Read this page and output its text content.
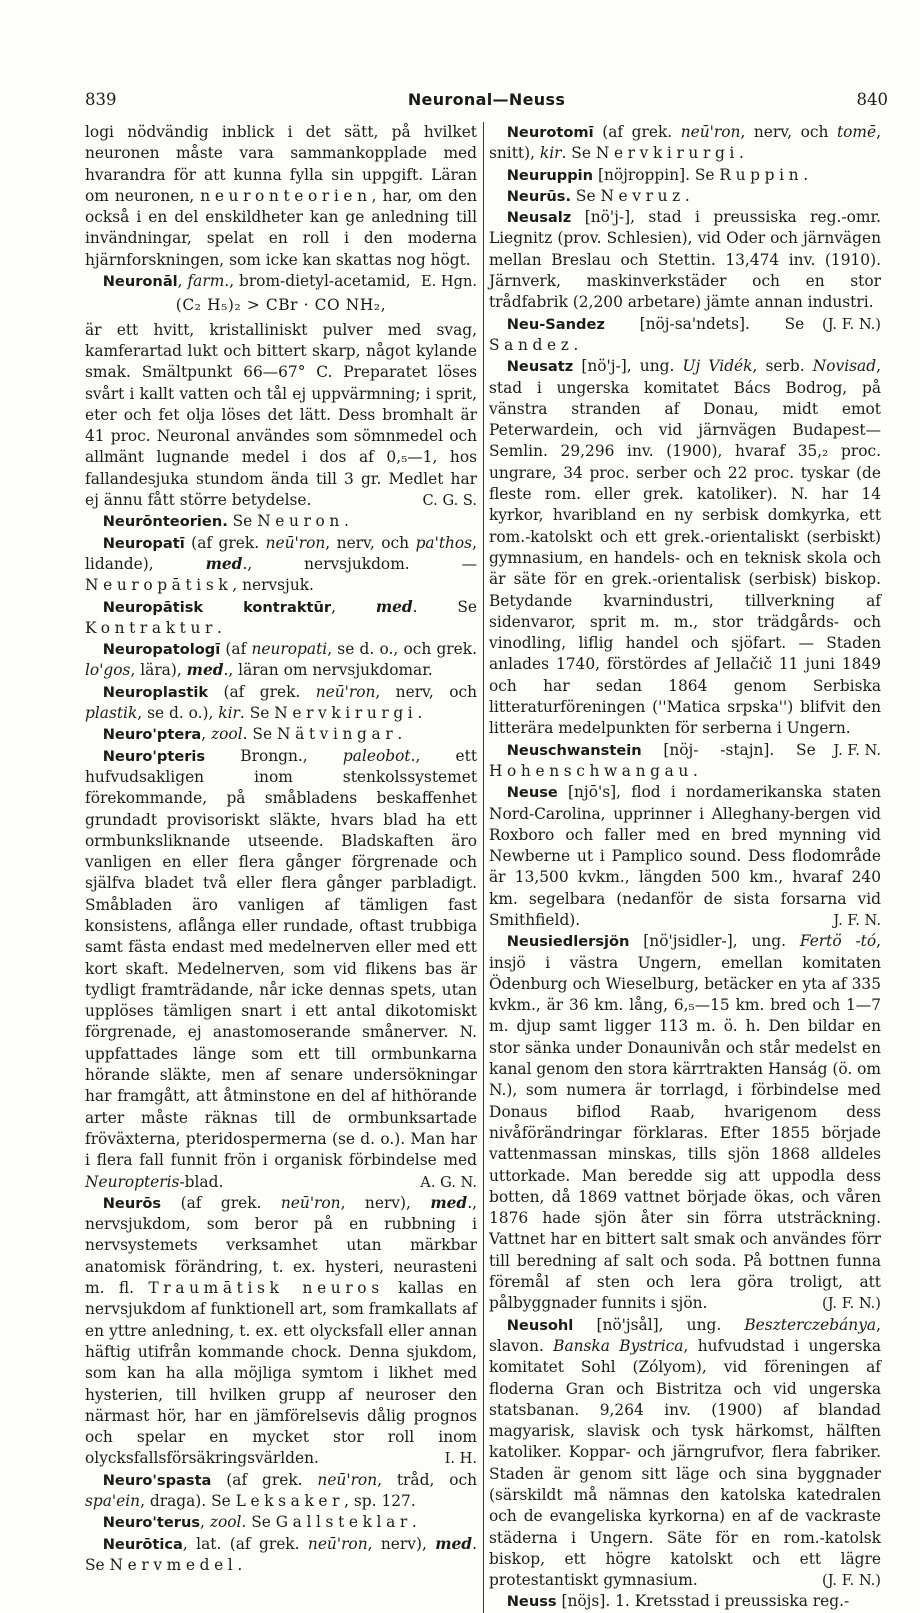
839	Neuronal—Neuss	840

logi nödvändig inblick i det sätt, på hvilket neuronen måste vara sammankopplade med hvarandra för att kunna fylla sin uppgift. Läran om neuronen, neuronteorien, har, om den också i en del enskildheter kan ge anledning till invändningar, spelat en roll i den moderna hjärnforskningen, som icke kan skattas nog högt.
E. Hgn.

Neuronāl, farm., brom-dietyl-acetamid,

(C₂ H₅)₂ > CBr · CO NH₂,

är ett hvitt, kristalliniskt pulver med svag, kamferartad lukt och bittert skarp, något kylande smak. Smältpunkt 66—67° C. Preparatet löses svårt i kallt vatten och tål ej uppvärmning; i sprit, eter och fet olja löses det lätt. Dess bromhalt är 41 proc. Neuronal användes som sömnmedel och allmänt lugnande medel i dos af 0,₅—1, hos fallandesjuka stundom ända till 3 gr. Medlet har ej ännu fått större betydelse.	C. G. S.

Neurōnteorien. Se Neuron.

Neuropatī (af grek. neū'ron, nerv, och pa'thos, lidande), med., nervsjukdom. — Neuropātisk, nervsjuk.

Neuropātisk kontraktūr, med. Se Kontraktur.

Neuropatologī (af neuropati, se d. o., och grek. lo'gos, lära), med., läran om nervsjukdomar.

Neuroplastik (af grek. neū'ron, nerv, och plastik, se d. o.), kir. Se Nervkirurgi.

Neuro'ptera, zool. Se Nätvingar.

Neuro'pteris Brongn., paleobot., ett hufvudsakligen inom stenkolssystemet förekommande, på småbladens beskaffenhet grundadt provisoriskt släkte, hvars blad ha ett ormbunksliknande utseende. Bladskaften äro vanligen en eller flera gånger förgrenade och själfva bladet två eller flera gånger parbladigt. Småbladen äro vanligen af tämligen fast konsistens, aflånga eller rundade, oftast trubbiga samt fästa endast med medelnerven eller med ett kort skaft. Medelnerven, som vid flikens bas är tydligt framträdande, når icke dennas spets, utan upplöses tämligen snart i ett antal dikotomiskt förgrenade, ej anastomoserande smånerver. N. uppfattades länge som ett till ormbunkarna hörande släkte, men af senare undersökningar har framgått, att åtminstone en del af hithörande arter måste räknas till de ormbunksartade fröväxterna, pteridospermerna (se d. o.). Man har i flera fall funnit frön i organisk förbindelse med Neuropteris-blad.	A. G. N.

Neurōs (af grek. neū'ron, nerv), med., nervsjukdom, som beror på en rubbning i nervsystemets verksamhet utan märkbar anatomisk förändring, t. ex. hysteri, neurasteni m. fl. Traumātisk neuros kallas en nervsjukdom af funktionell art, som framkallats af en yttre anledning, t. ex. ett olycksfall eller annan häftig utifrån kommande chock. Denna sjukdom, som kan ha alla möjliga symtom i likhet med hysterien, till hvilken grupp af neuroser den närmast hör, har en jämförelsevis dålig prognos och spelar en mycket stor roll inom olycksfallsförsäkringsvärlden.	I. H.

Neuro'spasta (af grek. neū'ron, tråd, och spa'ein, draga). Se Leksaker, sp. 127.

Neuro'terus, zool. Se Gallsteklar.

Neurōtica, lat. (af grek. neū'ron, nerv), med. Se Nervmedel.

Neurotomī (af grek. neū'ron, nerv, och tomē, snitt), kir. Se Nervkirurgi.

Neuruppin [nöjroppin]. Se Ruppin.

Neurūs. Se Nevruz.

Neusalz [nö'j-], stad i preussiska reg.-omr. Liegnitz (prov. Schlesien), vid Oder och järnvägen mellan Breslau och Stettin. 13,474 inv. (1910). Järnverk, maskinverkstäder och en stor trådfabrik (2,200 arbetare) jämte annan industri.
(J. F. N.)

Neu-Sandez [nöj-sa'ndets]. Se Sandez.

Neusatz [nö'j-], ung. Uj Vidék, serb. Novisad, stad i ungerska komitatet Bács Bodrog, på vänstra stranden af Donau, midt emot Peterwardein, och vid järnvägen Budapest—Semlin. 29,296 inv. (1900), hvaraf 35,₂ proc. ungrare, 34 proc. serber och 22 proc. tyskar (de fleste rom. eller grek. katoliker). N. har 14 kyrkor, hvaribland en ny serbisk domkyrka, ett rom.-katolskt och ett grek.-orientaliskt (serbiskt) gymnasium, en handels- och en teknisk skola och är säte för en grek.-orientalisk (serbisk) biskop. Betydande kvarnindustri, tillverkning af sidenvaror, sprit m. m., stor trädgårds- och vinodling, liflig handel och sjöfart. — Staden anlades 1740, förstördes af Jellačič 11 juni 1849 och har sedan 1864 genom Serbiska litteraturföreningen (''Matica srpska'') blifvit den litterära medelpunkten för serberna i Ungern.
J. F. N.

Neuschwanstein [nöj- -stajn]. Se Hohenschwangau.

Neuse [njō's], flod i nordamerikanska staten Nord-Carolina, upprinner i Alleghany-bergen vid Roxboro och faller med en bred mynning vid Newberne ut i Pamplico sound. Dess flodområde är 13,500 kvkm., längden 500 km., hvaraf 240 km. segelbara (nedanför de sista forsarna vid Smithfield).	J. F. N.

Neusiedlersjön [nö'jsidler-], ung. Fertö -tó, insjö i västra Ungern, emellan komitaten Ödenburg och Wieselburg, betäcker en yta af 335 kvkm., är 36 km. lång, 6,₅—15 km. bred och 1—7 m. djup samt ligger 113 m. ö. h. Den bildar en stor sänka under Donaunivån och står medelst en kanal genom den stora kärrtrakten Hanság (ö. om N.), som numera är torrlagd, i förbindelse med Donaus biflod Raab, hvarigenom dess nivåförändringar förklaras. Efter 1855 började vattenmassan minskas, tills sjön 1868 alldeles uttorkade. Man beredde sig att uppodla dess botten, då 1869 vattnet började ökas, och våren 1876 hade sjön åter sin förra utsträckning. Vattnet har en bittert salt smak och användes förr till beredning af salt och soda. På bottnen funna föremål af sten och lera göra troligt, att pålbyggnader funnits i sjön.	(J. F. N.)

Neusohl [nö'jsål], ung. Beszterczebánya, slavon. Banska Bystrica, hufvudstad i ungerska komitatet Sohl (Zólyom), vid föreningen af floderna Gran och Bistritza och vid ungerska statsbanan. 9,264 inv. (1900) af blandad magyarisk, slavisk och tysk härkomst, hälften katoliker. Koppar- och järngrufvor, flera fabriker. Staden är genom sitt läge och sina byggnader (särskildt må nämnas den katolska katedralen och de evangeliska kyrkorna) en af de vackraste städerna i Ungern. Säte för en rom.-katolsk biskop, ett högre katolskt och ett lägre protestantiskt gymnasium.	(J. F. N.)

Neuss [nöjs]. 1. Kretsstad i preussiska reg.-
